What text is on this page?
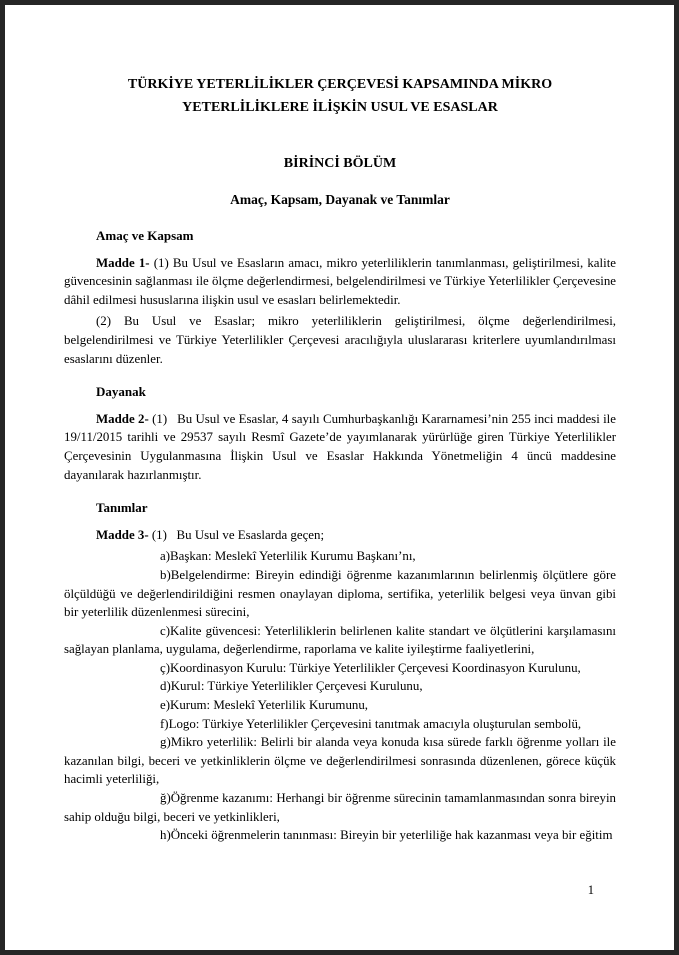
TÜRKİYE YETERLİLİKLER ÇERÇEVESİ KAPSAMINDA MİKRO
YETERLİLİKLERE İLİŞKİN USUL VE ESASLAR
BİRİNCİ BÖLÜM
Amaç, Kapsam, Dayanak ve Tanımlar
Amaç ve Kapsam

Madde 1- (1) Bu Usul ve Esasların amacı, mikro yeterliliklerin tanımlanması, geliştirilmesi, kalite güvencesinin sağlanması ile ölçme değerlendirmesi, belgelendirilmesi ve Türkiye Yeterlilikler Çerçevesine dâhil edilmesi hususlarına ilişkin usul ve esasları belirlemektedir.

(2) Bu Usul ve Esaslar; mikro yeterliliklerin geliştirilmesi, ölçme değerlendirilmesi, belgelendirilmesi ve Türkiye Yeterlilikler Çerçevesi aracılığıyla uluslararası kriterlere uyumlandırılması esaslarını düzenler.

Dayanak

Madde 2- (1)   Bu Usul ve Esaslar, 4 sayılı Cumhurbaşkanlığı Kararnamesi’nin 255 inci maddesi ile 19/11/2015 tarihli ve 29537 sayılı Resmî Gazete’de yayımlanarak yürürlüğe giren Türkiye Yeterlilikler Çerçevesinin Uygulanmasına İlişkin Usul ve Esaslar Hakkında Yönetmeliğin 4 üncü maddesine dayanılarak hazırlanmıştır.

Tanımlar

Madde 3- (1)   Bu Usul ve Esaslarda geçen;

a)Başkan: Meslekî Yeterlilik Kurumu Başkanı’nı,

b)Belgelendirme: Bireyin edindiği öğrenme kazanımlarının belirlenmiş ölçütlere göre ölçüldüğü ve değerlendirildiğini resmen onaylayan diploma, sertifika, yeterlilik belgesi veya ünvan gibi bir yeterlilik düzenlenmesi sürecini,

c)Kalite güvencesi: Yeterliliklerin belirlenen kalite standart ve ölçütlerini karşılamasını sağlayan planlama, uygulama, değerlendirme, raporlama ve kalite iyileştirme faaliyetlerini,

ç)Koordinasyon Kurulu: Türkiye Yeterlilikler Çerçevesi Koordinasyon Kurulunu,

d)Kurul: Türkiye Yeterlilikler Çerçevesi Kurulunu,

e)Kurum: Meslekî Yeterlilik Kurumunu,

f)Logo: Türkiye Yeterlilikler Çerçevesini tanıtmak amacıyla oluşturulan sembolü,

g)Mikro yeterlilik: Belirli bir alanda veya konuda kısa sürede farklı öğrenme yolları ile kazanılan bilgi, beceri ve yetkinliklerin ölçme ve değerlendirilmesi sonrasında düzenlenen, görece küçük hacimli yeterliliği,

ğ)Öğrenme kazanımı: Herhangi bir öğrenme sürecinin tamamlanmasından sonra bireyin sahip olduğu bilgi, beceri ve yetkinlikleri,

h)Önceki öğrenmelerin tanınması: Bireyin bir yeterliliğe hak kazanması veya bir eğitim

1
